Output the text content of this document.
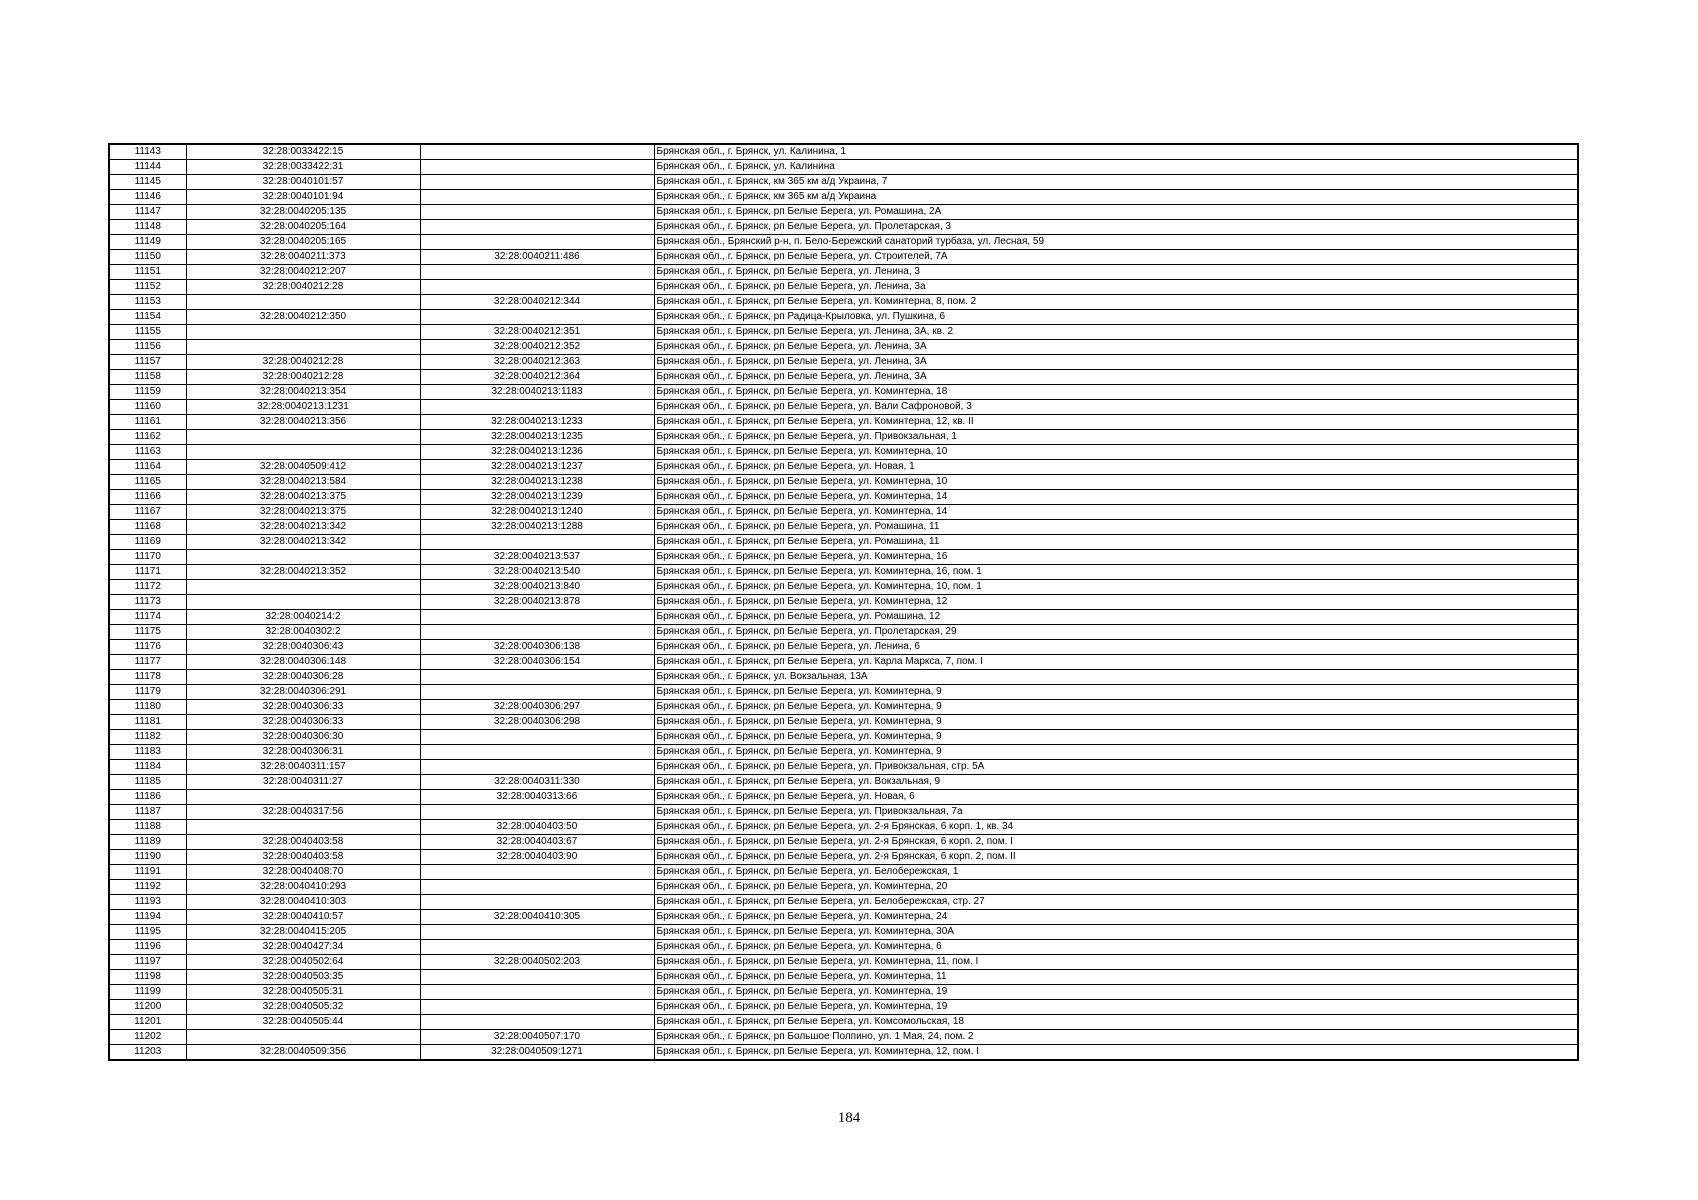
11143	32:28:0033422:15		Брянская обл., г. Брянск, ул. Калинина, 1
11144	32:28:0033422:31		Брянская обл., г. Брянск, ул. Калинина
11145	32:28:0040101:57		Брянская обл., г. Брянск, км 365 км а/д Украина, 7
11146	32:28:0040101:94		Брянская обл., г. Брянск, км 365 км а/д Украина
11147	32:28:0040205:135		Брянская обл., г. Брянск, рп Белые Берега, ул. Ромашина, 2А
11148	32:28:0040205:164		Брянская обл., г. Брянск, рп Белые Берега, ул. Пролетарская, 3
11149	32:28:0040205:165		Брянская обл., Брянский р-н, п. Бело-Бережский санаторий турбаза, ул. Лесная, 59
11150	32:28:0040211:373	32:28:0040211:486	Брянская обл., г. Брянск, рп Белые Берега, ул. Строителей, 7А
11151	32:28:0040212:207		Брянская обл., г. Брянск, рп Белые Берега, ул. Ленина, 3
11152	32:28:0040212:28		Брянская обл., г. Брянск, рп Белые Берега, ул. Ленина, 3а
11153		32:28:0040212:344	Брянская обл., г. Брянск, рп Белые Берега, ул. Коминтерна, 8, пом. 2
11154	32:28:0040212:350		Брянская обл., г. Брянск, рп Радица-Крыловка, ул. Пушкина, 6
11155		32:28:0040212:351	Брянская обл., г. Брянск, рп Белые Берега, ул. Ленина, 3А, кв. 2
11156		32:28:0040212:352	Брянская обл., г. Брянск, рп Белые Берега, ул. Ленина, 3А
11157	32:28:0040212:28	32:28:0040212:363	Брянская обл., г. Брянск, рп Белые Берега, ул. Ленина, 3А
11158	32:28:0040212:28	32:28:0040212:364	Брянская обл., г. Брянск, рп Белые Берега, ул. Ленина, 3А
11159	32:28:0040213:354	32:28:0040213:1183	Брянская обл., г. Брянск, рп Белые Берега, ул. Коминтерна, 18
11160	32:28:0040213:1231		Брянская обл., г. Брянск, рп Белые Берега, ул. Вали Сафроновой, 3
11161	32:28:0040213:356	32:28:0040213:1233	Брянская обл., г. Брянск, рп Белые Берега, ул. Коминтерна, 12, кв. II
11162		32:28:0040213:1235	Брянская обл., г. Брянск, рп Белые Берега, ул. Привокзальная, 1
11163		32:28:0040213:1236	Брянская обл., г. Брянск, рп Белые Берега, ул. Коминтерна, 10
11164	32:28:0040509:412	32:28:0040213:1237	Брянская обл., г. Брянск, рп Белые Берега, ул. Новая, 1
11165	32:28:0040213:584	32:28:0040213:1238	Брянская обл., г. Брянск, рп Белые Берега, ул. Коминтерна, 10
11166	32:28:0040213:375	32:28:0040213:1239	Брянская обл., г. Брянск, рп Белые Берега, ул. Коминтерна, 14
11167	32:28:0040213:375	32:28:0040213:1240	Брянская обл., г. Брянск, рп Белые Берега, ул. Коминтерна, 14
11168	32:28:0040213:342	32:28:0040213:1288	Брянская обл., г. Брянск, рп Белые Берега, ул. Ромашина, 11
11169	32:28:0040213:342		Брянская обл., г. Брянск, рп Белые Берега, ул. Ромашина, 11
11170		32:28:0040213:537	Брянская обл., г. Брянск, рп Белые Берега, ул. Коминтерна, 16
11171	32:28:0040213:352	32:28:0040213:540	Брянская обл., г. Брянск, рп Белые Берега, ул. Коминтерна, 16, пом. 1
11172		32:28:0040213:840	Брянская обл., г. Брянск, рп Белые Берега, ул. Коминтерна, 10, пом. 1
11173		32:28:0040213:878	Брянская обл., г. Брянск, рп Белые Берега, ул. Коминтерна, 12
11174	32:28:0040214:2		Брянская обл., г. Брянск, рп Белые Берега, ул. Ромашина, 12
11175	32:28:0040302:2		Брянская обл., г. Брянск, рп Белые Берега, ул. Пролетарская, 29
11176	32:28:0040306:43	32:28:0040306:138	Брянская обл., г. Брянск, рп Белые Берега, ул. Ленина, 6
11177	32:28:0040306:148	32:28:0040306:154	Брянская обл., г. Брянск, рп Белые Берега, ул. Карла Маркса, 7, пом. I
11178	32:28:0040306:28		Брянская обл., г. Брянск, ул. Вокзальная, 13А
11179	32:28:0040306:291		Брянская обл., г. Брянск, рп Белые Берега, ул. Коминтерна, 9
11180	32:28:0040306:33	32:28:0040306:297	Брянская обл., г. Брянск, рп Белые Берега, ул. Коминтерна, 9
11181	32:28:0040306:33	32:28:0040306:298	Брянская обл., г. Брянск, рп Белые Берега, ул. Коминтерна, 9
11182	32:28:0040306:30		Брянская обл., г. Брянск, рп Белые Берега, ул. Коминтерна, 9
11183	32:28:0040306:31		Брянская обл., г. Брянск, рп Белые Берега, ул. Коминтерна, 9
11184	32:28:0040311:157		Брянская обл., г. Брянск, рп Белые Берега, ул. Привокзальная, стр. 5А
11185	32:28:0040311:27	32:28:0040311:330	Брянская обл., г. Брянск, рп Белые Берега, ул. Вокзальная, 9
11186		32:28:0040313:66	Брянская обл., г. Брянск, рп Белые Берега, ул. Новая, 6
11187	32:28:0040317:56		Брянская обл., г. Брянск, рп Белые Берега, ул. Привокзальная, 7а
11188		32:28:0040403:50	Брянская обл., г. Брянск, рп Белые Берега, ул. 2-я Брянская, 6 корп. 1, кв. 34
11189	32:28:0040403:58	32:28:0040403:67	Брянская обл., г. Брянск, рп Белые Берега, ул. 2-я Брянская, 6 корп. 2, пом. I
11190	32:28:0040403:58	32:28:0040403:90	Брянская обл., г. Брянск, рп Белые Берега, ул. 2-я Брянская, 6 корп. 2, пом. II
11191	32:28:0040408:70		Брянская обл., г. Брянск, рп Белые Берега, ул. Белобережская, 1
11192	32:28:0040410:293		Брянская обл., г. Брянск, рп Белые Берега, ул. Коминтерна, 20
11193	32:28:0040410:303		Брянская обл., г. Брянск, рп Белые Берега, ул. Белобережская, стр. 27
11194	32:28:0040410:57	32:28:0040410:305	Брянская обл., г. Брянск, рп Белые Берега, ул. Коминтерна, 24
11195	32:28:0040415:205		Брянская обл., г. Брянск, рп Белые Берега, ул. Коминтерна, 30А
11196	32:28:0040427:34		Брянская обл., г. Брянск, рп Белые Берега, ул. Коминтерна, 6
11197	32:28:0040502:64	32:28:0040502:203	Брянская обл., г. Брянск, рп Белые Берега, ул. Коминтерна, 11, пом. I
11198	32:28:0040503:35		Брянская обл., г. Брянск, рп Белые Берега, ул. Коминтерна, 11
11199	32:28:0040505:31		Брянская обл., г. Брянск, рп Белые Берега, ул. Коминтерна, 19
11200	32:28:0040505:32		Брянская обл., г. Брянск, рп Белые Берега, ул. Коминтерна, 19
11201	32:28:0040505:44		Брянская обл., г. Брянск, рп Белые Берега, ул. Комсомольская, 18
11202		32:28:0040507:170	Брянская обл., г. Брянск, рп Большое Полпино, ул. 1 Мая, 24, пом. 2
11203	32:28:0040509:356	32:28:0040509:1271	Брянская обл., г. Брянск, рп Белые Берега, ул. Коминтерна, 12, пом. I
184
